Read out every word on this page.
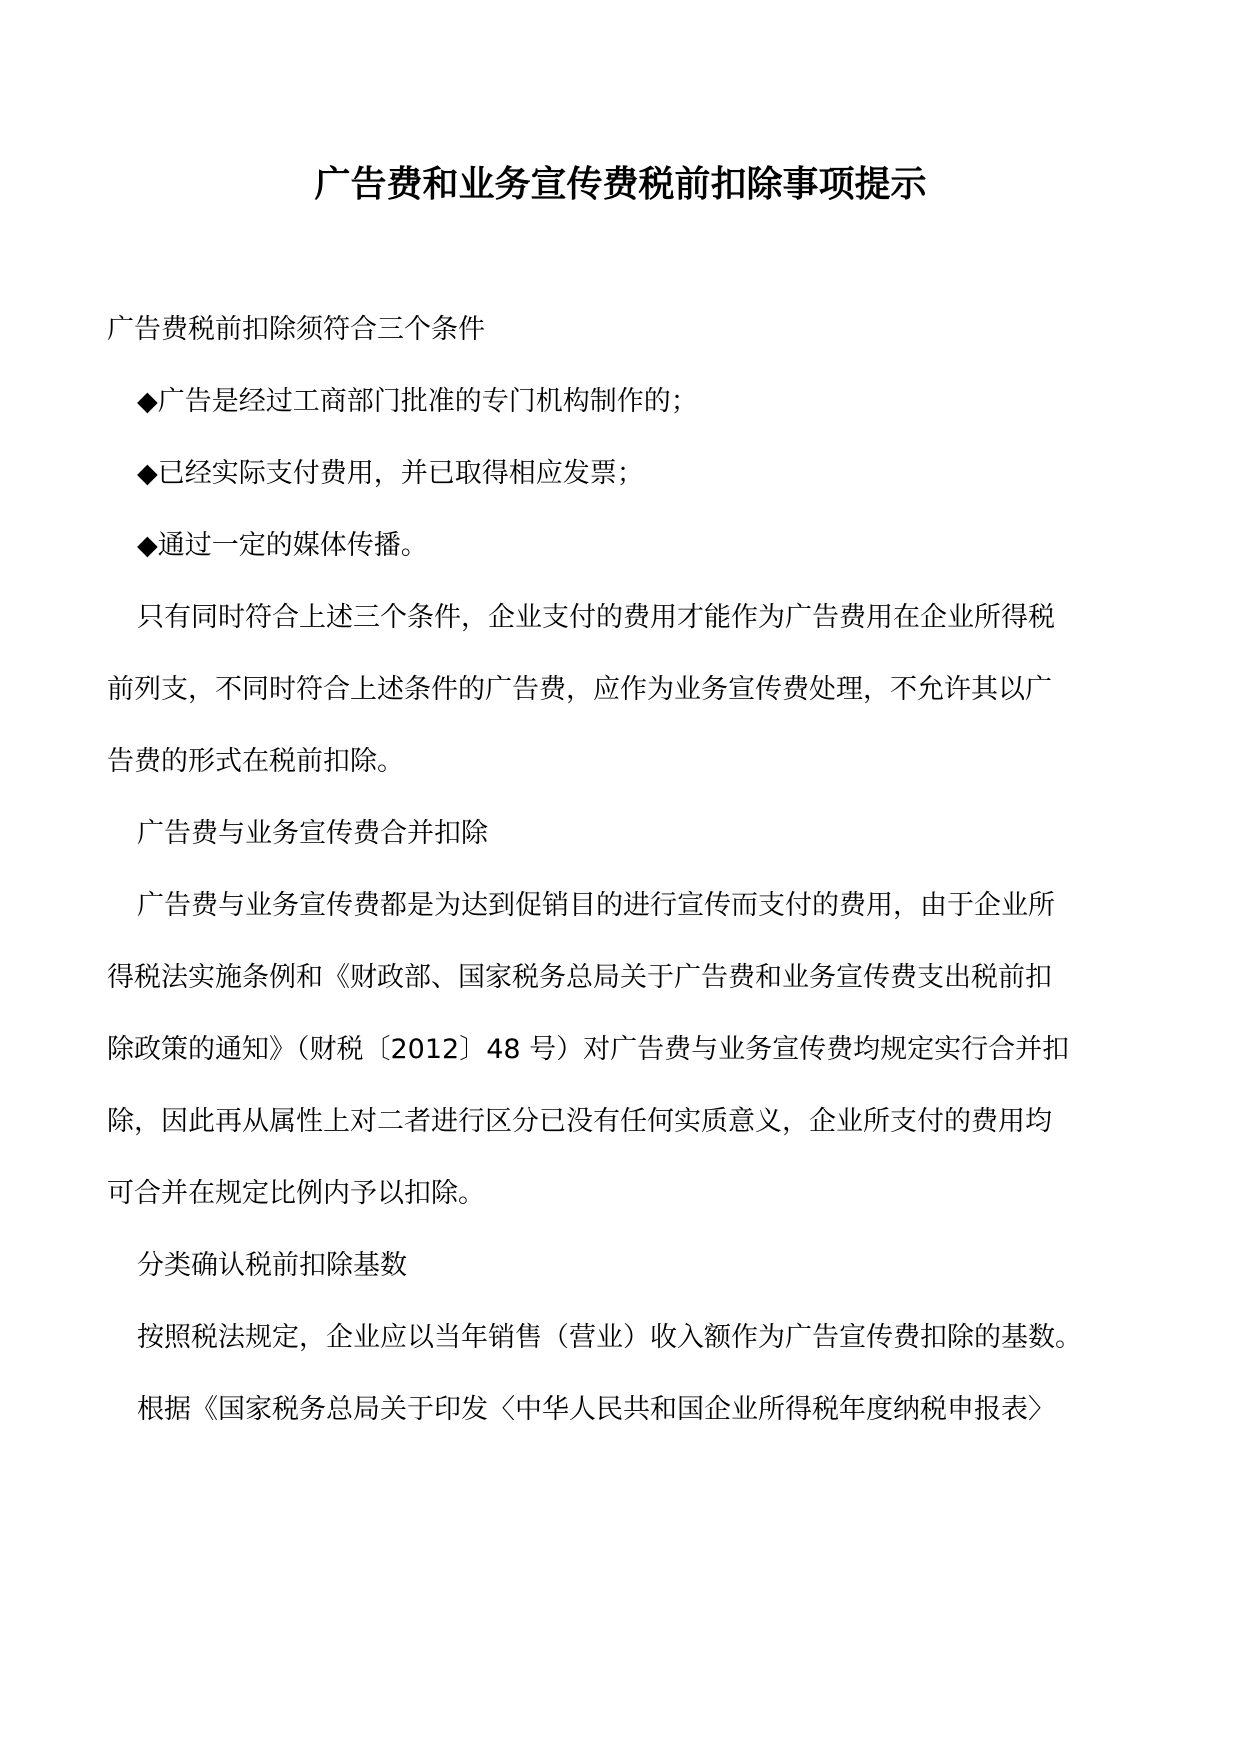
广告费和业务宣传费税前扣除事项提示
广告费税前扣除须符合三个条件
◆广告是经过工商部门批准的专门机构制作的；
◆已经实际支付费用，并已取得相应发票；
◆通过一定的媒体传播。
只有同时符合上述三个条件，企业支付的费用才能作为广告费用在企业所得税
前列支，不同时符合上述条件的广告费，应作为业务宣传费处理，不允许其以广
告费的形式在税前扣除。
广告费与业务宣传费合并扣除
广告费与业务宣传费都是为达到促销目的进行宣传而支付的费用，由于企业所
得税法实施条例和《财政部、国家税务总局关于广告费和业务宣传费支出税前扣
除政策的通知》（财税〔2012〕48 号）对广告费与业务宣传费均规定实行合并扣
除，因此再从属性上对二者进行区分已没有任何实质意义，企业所支付的费用均
可合并在规定比例内予以扣除。
分类确认税前扣除基数
按照税法规定，企业应以当年销售（营业）收入额作为广告宣传费扣除的基数。
根据《国家税务总局关于印发〈中华人民共和国企业所得税年度纳税申报表〉
